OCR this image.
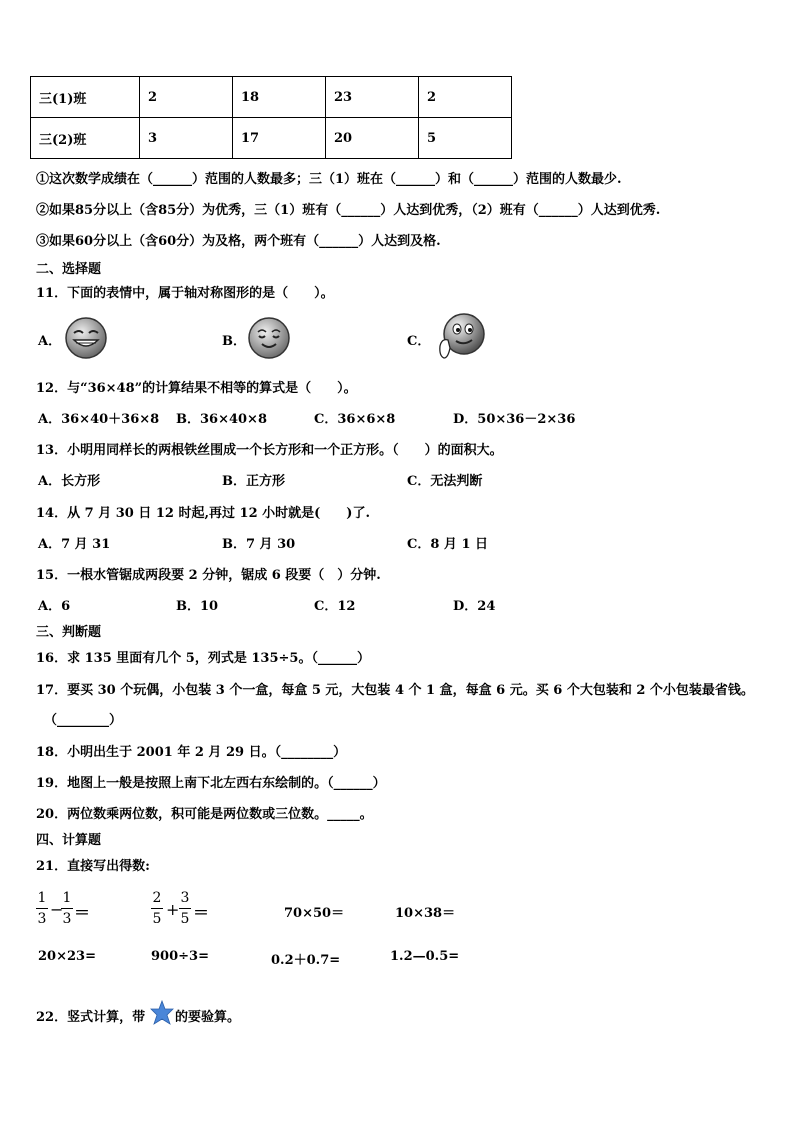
三(1)班	2	18	23	2
三(2)班	3	17	20	5
①这次数学成绩在（______）范围的人数最多；三（1）班在（______）和（______）范围的人数最少.
②如果85分以上（含85分）为优秀，三（1）班有（______）人达到优秀，（2）班有（______）人达到优秀.
③如果60分以上（含60分）为及格，两个班有（______）人达到及格.
二、选择题
11．下面的表情中，属于轴对称图形的是（　　）。
A．	B．	C．
12．与“36×48”的计算结果不相等的算式是（　　）。
A．36×40＋36×8 B．36×40×8	C．36×6×8	D．50×36－2×36
13．小明用同样长的两根铁丝围成一个长方形和一个正方形。（　　）的面积大。
A．长方形	B．正方形	C．无法判断
14．从 7 月 30 日 12 时起,再过 12 小时就是(　　)了.
A．7 月 31	B．7 月 30	C．8 月 1 日
15．一根水管锯成两段要 2 分钟，锯成 6 段要（　）分钟.
A．6	B．10	C．12	D．24
三、判断题
16．求 135 里面有几个 5，列式是 135÷5。（______）
17．要买 30 个玩偶，小包装 3 个一盒，每盒 5 元，大包装 4 个 1 盒，每盒 6 元。买 6 个大包装和 2 个小包装最省钱。
（________）
18．小明出生于 2001 年 2 月 29 日。（________）
19．地图上一般是按照上南下北左西右东绘制的。（______）
20．两位数乘两位数，积可能是两位数或三位数。_____。
四、计算题
21．直接写出得数:
1
3 −
1
3 ＝
2
5 +
3
5 ＝	70×50＝	10×38＝
20×23=	900÷3=	0.2＋0.7=	1.2—0.5=
22．竖式计算，带 的要验算。
